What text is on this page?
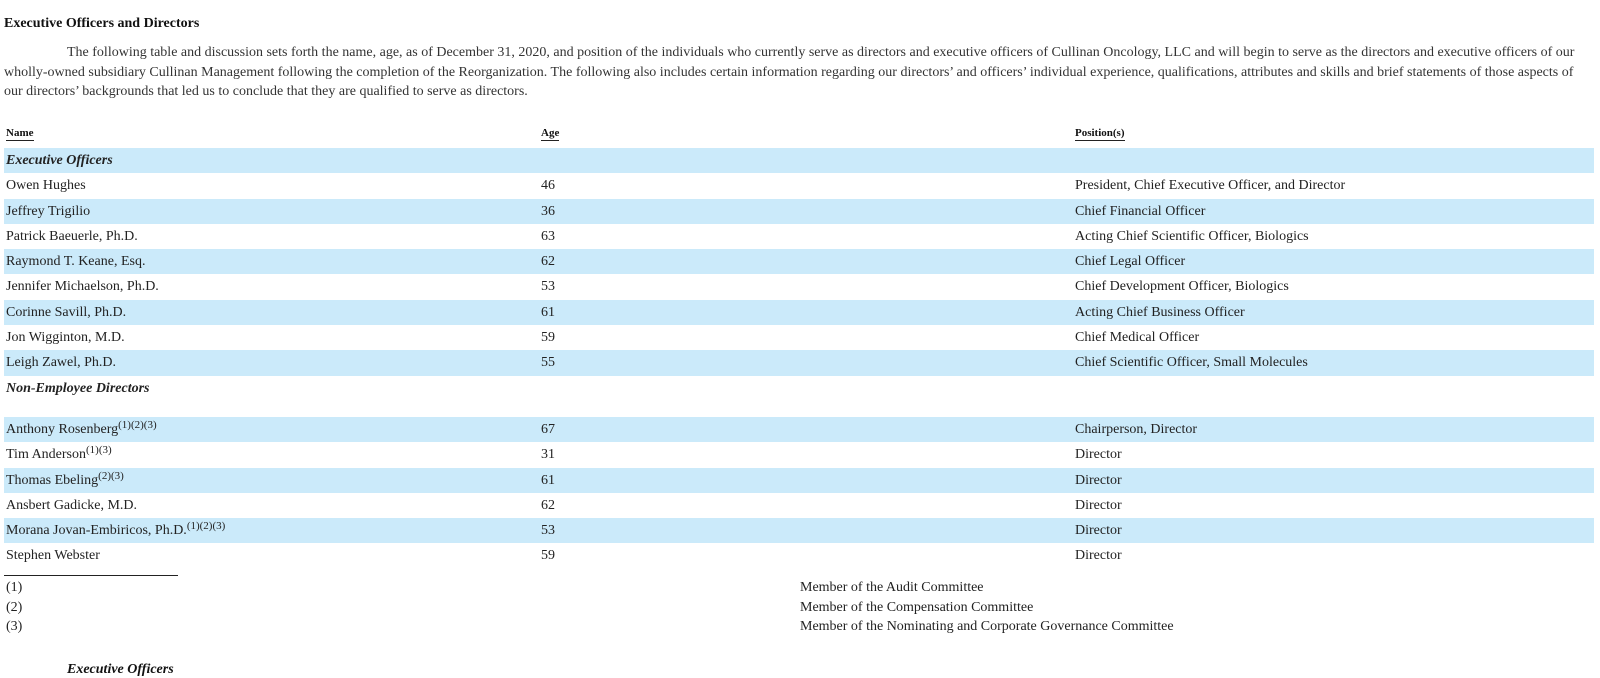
Executive Officers and Directors
The following table and discussion sets forth the name, age, as of December 31, 2020, and position of the individuals who currently serve as directors and executive officers of Cullinan Oncology, LLC and will begin to serve as the directors and executive officers of our wholly-owned subsidiary Cullinan Management following the completion of the Reorganization. The following also includes certain information regarding our directors’ and officers’ individual experience, qualifications, attributes and skills and brief statements of those aspects of our directors’ backgrounds that led us to conclude that they are qualified to serve as directors.
Name	Age	Position(s)
Executive Officers
Owen Hughes	46	President, Chief Executive Officer, and Director
Jeffrey Trigilio	36	Chief Financial Officer
Patrick Baeuerle, Ph.D.	63	Acting Chief Scientific Officer, Biologics
Raymond T. Keane, Esq.	62	Chief Legal Officer
Jennifer Michaelson, Ph.D.	53	Chief Development Officer, Biologics
Corinne Savill, Ph.D.	61	Acting Chief Business Officer
Jon Wigginton, M.D.	59	Chief Medical Officer
Leigh Zawel, Ph.D.	55	Chief Scientific Officer, Small Molecules
Non-Employee Directors
Anthony Rosenberg$^{(1)(2)(3)}$	67	Chairperson, Director
Tim Anderson$^{(1)(3)}$	31	Director
Thomas Ebeling$^{(2)(3)}$	61	Director
Ansbert Gadicke, M.D.	62	Director
Morana Jovan-Embiricos, Ph.D.$^{(1)(2)(3)}$	53	Director
Stephen Webster	59	Director
(1)	Member of the Audit Committee
(2)	Member of the Compensation Committee
(3)	Member of the Nominating and Corporate Governance Committee
Executive Officers
